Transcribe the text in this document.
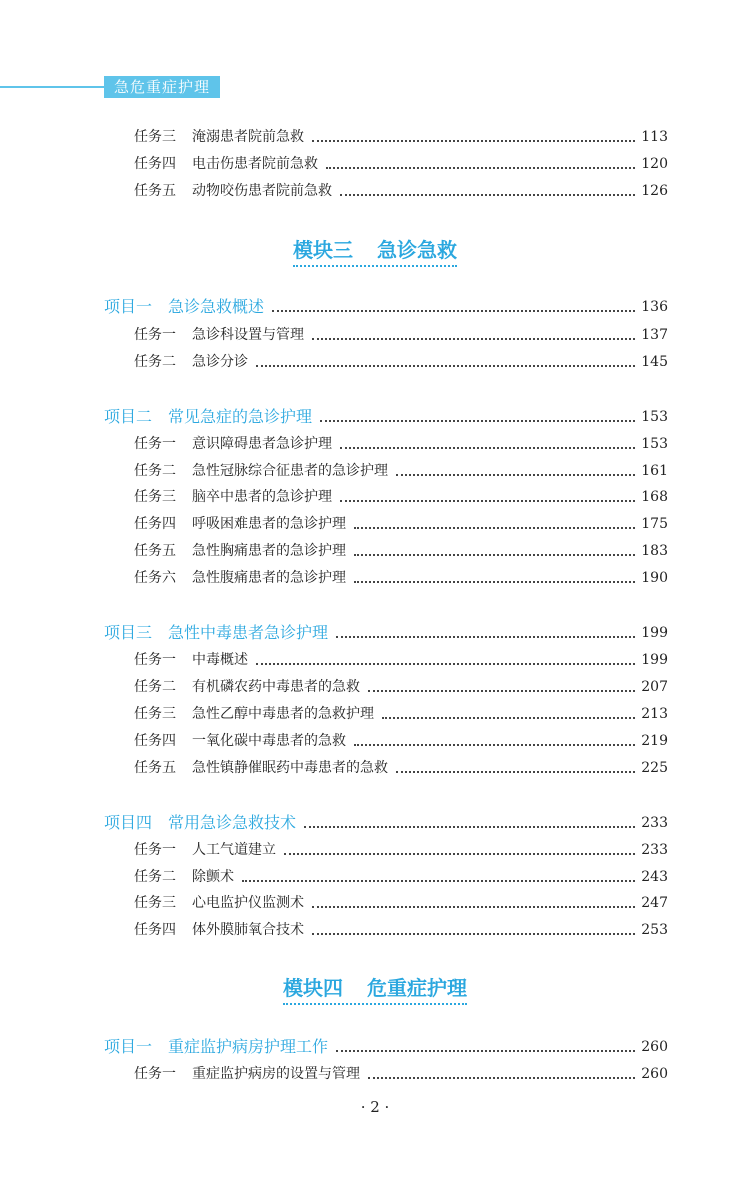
急危重症护理
模块三 急诊急救
模块四 危重症护理
任务三 淹溺患者院前急救	113
任务四 电击伤患者院前急救	120
任务五 动物咬伤患者院前急救	126
项目一 急诊急救概述	136
任务一 急诊科设置与管理	137
任务二 急诊分诊	145
项目二 常见急症的急诊护理	153
任务一 意识障碍患者急诊护理	153
任务二 急性冠脉综合征患者的急诊护理	161
任务三 脑卒中患者的急诊护理	168
任务四 呼吸困难患者的急诊护理	175
任务五 急性胸痛患者的急诊护理	183
任务六 急性腹痛患者的急诊护理	190
项目三 急性中毒患者急诊护理	199
任务一 中毒概述	199
任务二 有机磷农药中毒患者的急救	207
任务三 急性乙醇中毒患者的急救护理	213
任务四 一氧化碳中毒患者的急救	219
任务五 急性镇静催眠药中毒患者的急救	225
项目四 常用急诊急救技术	233
任务一 人工气道建立	233
任务二 除颤术	243
任务三 心电监护仪监测术	247
任务四 体外膜肺氧合技术	253
项目一 重症监护病房护理工作	260
任务一 重症监护病房的设置与管理	260
· 2 ·
